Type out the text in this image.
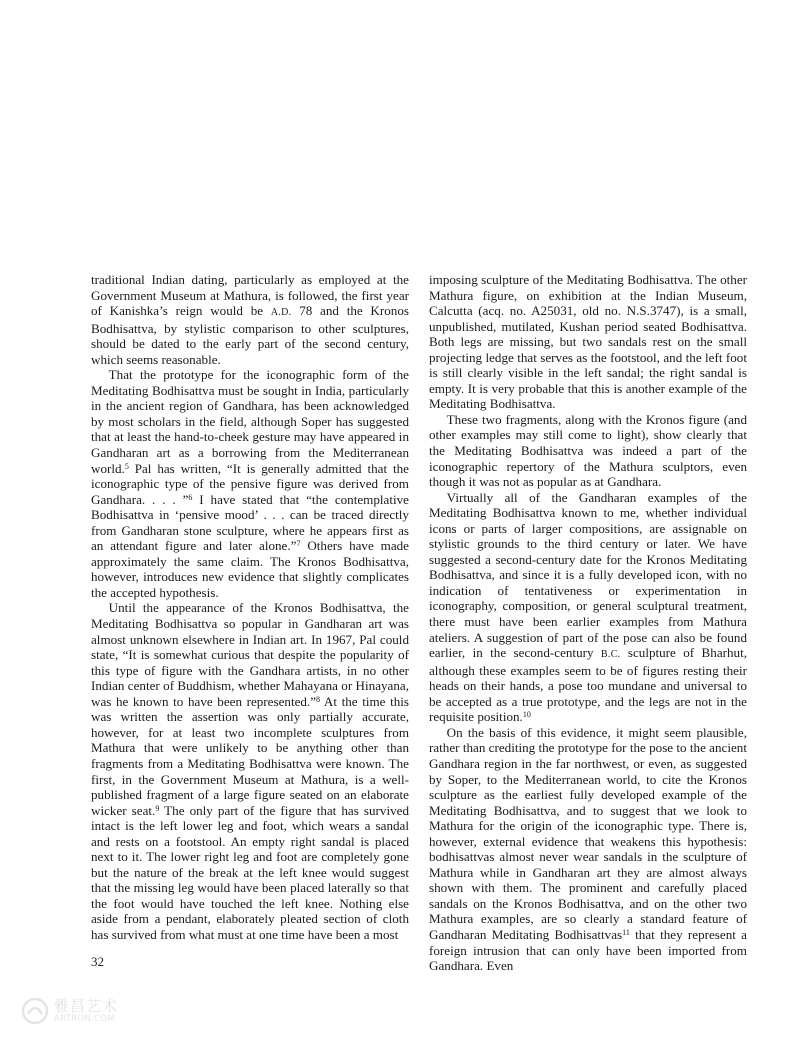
traditional Indian dating, particularly as employed at the Government Museum at Mathura, is followed, the first year of Kanishka’s reign would be A.D. 78 and the Kronos Bodhisattva, by stylistic comparison to other sculptures, should be dated to the early part of the second century, which seems reasonable.

That the prototype for the iconographic form of the Meditating Bodhisattva must be sought in India, particularly in the ancient region of Gandhara, has been acknowledged by most scholars in the field, although Soper has suggested that at least the hand-to-cheek gesture may have appeared in Gandharan art as a borrowing from the Mediterranean world.$^5$ Pal has written, “It is generally admitted that the iconographic type of the pensive figure was derived from Gandhara. . . . ”$^6$ I have stated that “the contemplative Bodhisattva in ‘pensive mood’ . . . can be traced directly from Gandharan stone sculpture, where he appears first as an attendant figure and later alone.”$^7$ Others have made approximately the same claim. The Kronos Bodhisattva, however, introduces new evidence that slightly complicates the accepted hypothesis.

Until the appearance of the Kronos Bodhisattva, the Meditating Bodhisattva so popular in Gandharan art was almost unknown elsewhere in Indian art. In 1967, Pal could state, “It is somewhat curious that despite the popularity of this type of figure with the Gandhara artists, in no other Indian center of Buddhism, whether Mahayana or Hinayana, was he known to have been represented.”$^8$ At the time this was written the assertion was only partially accurate, however, for at least two incomplete sculptures from Mathura that were unlikely to be anything other than fragments from a Meditating Bodhisattva were known. The first, in the Government Museum at Mathura, is a well-published fragment of a large figure seated on an elaborate wicker seat.$^9$ The only part of the figure that has survived intact is the left lower leg and foot, which wears a sandal and rests on a footstool. An empty right sandal is placed next to it. The lower right leg and foot are completely gone but the nature of the break at the left knee would suggest that the missing leg would have been placed laterally so that the foot would have touched the left knee. Nothing else aside from a pendant, elaborately pleated section of cloth has survived from what must at one time have been a most

imposing sculpture of the Meditating Bodhisattva. The other Mathura figure, on exhibition at the Indian Museum, Calcutta (acq. no. A25031, old no. N.S.3747), is a small, unpublished, mutilated, Kushan period seated Bodhisattva. Both legs are missing, but two sandals rest on the small projecting ledge that serves as the footstool, and the left foot is still clearly visible in the left sandal; the right sandal is empty. It is very probable that this is another example of the Meditating Bodhisattva.

These two fragments, along with the Kronos figure (and other examples may still come to light), show clearly that the Meditating Bodhisattva was indeed a part of the iconographic repertory of the Mathura sculptors, even though it was not as popular as at Gandhara.

Virtually all of the Gandharan examples of the Meditating Bodhisattva known to me, whether individual icons or parts of larger compositions, are assignable on stylistic grounds to the third century or later. We have suggested a second-century date for the Kronos Meditating Bodhisattva, and since it is a fully developed icon, with no indication of tentativeness or experimentation in iconography, composition, or general sculptural treatment, there must have been earlier examples from Mathura ateliers. A suggestion of part of the pose can also be found earlier, in the second-century B.C. sculpture of Bharhut, although these examples seem to be of figures resting their heads on their hands, a pose too mundane and universal to be accepted as a true prototype, and the legs are not in the requisite position.$^{10}$

On the basis of this evidence, it might seem plausible, rather than crediting the prototype for the pose to the ancient Gandhara region in the far northwest, or even, as suggested by Soper, to the Mediterranean world, to cite the Kronos sculpture as the earliest fully developed example of the Meditating Bodhisattva, and to suggest that we look to Mathura for the origin of the iconographic type. There is, however, external evidence that weakens this hypothesis: bodhisattvas almost never wear sandals in the sculpture of Mathura while in Gandharan art they are almost always shown with them. The prominent and carefully placed sandals on the Kronos Bodhisattva, and on the other two Mathura examples, are so clearly a standard feature of Gandharan Meditating Bodhisattvas$^{11}$ that they represent a foreign intrusion that can only have been imported from Gandhara. Even

32
雅昌艺术
ARTRON.COM
